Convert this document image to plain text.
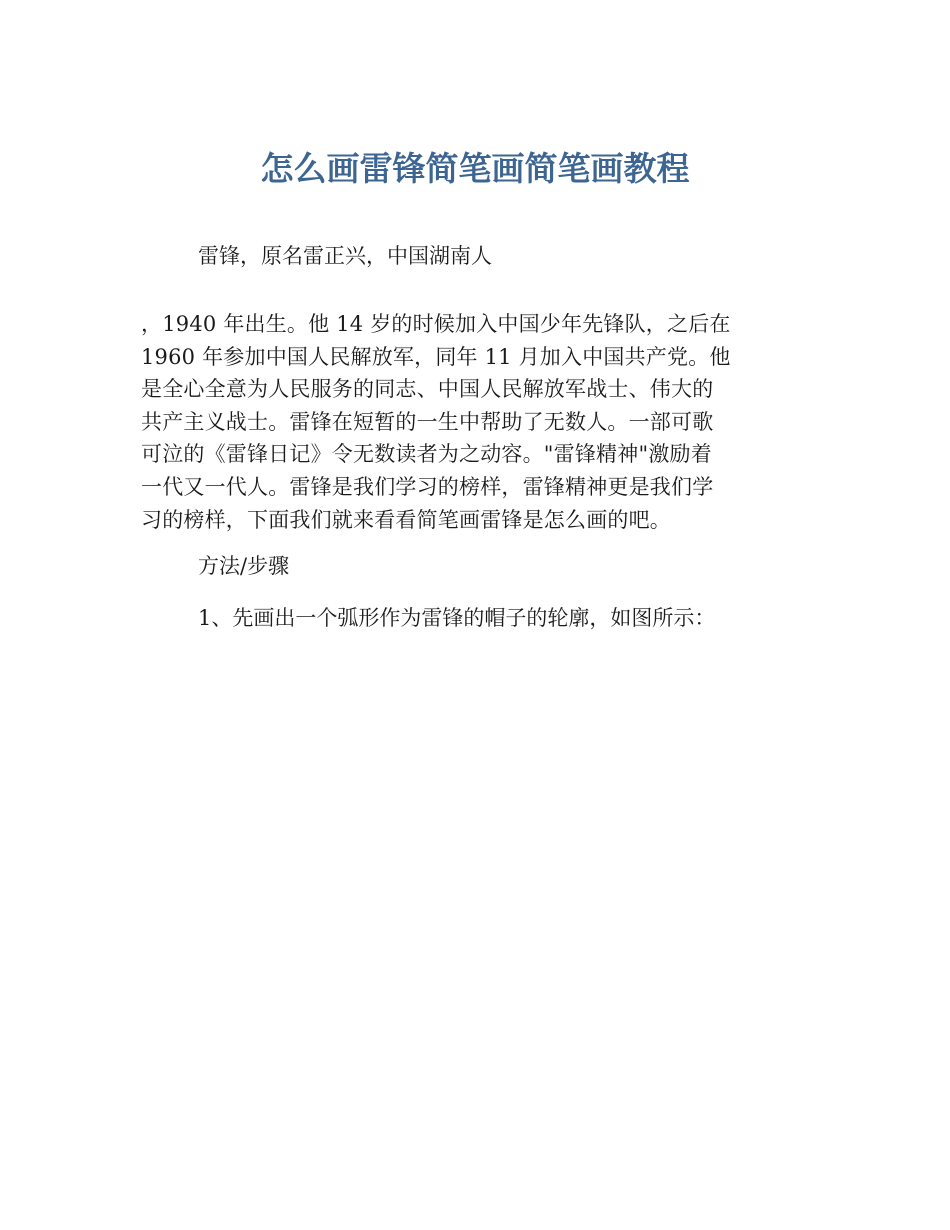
怎么画雷锋简笔画简笔画教程

雷锋，原名雷正兴，中国湖南人

，1940 年出生。他 14 岁的时候加入中国少年先锋队，之后在
1960 年参加中国人民解放军，同年 11 月加入中国共产党。他
是全心全意为人民服务的同志、中国人民解放军战士、伟大的
共产主义战士。雷锋在短暂的一生中帮助了无数人。一部可歌
可泣的《雷锋日记》令无数读者为之动容。"雷锋精神"激励着
一代又一代人。雷锋是我们学习的榜样，雷锋精神更是我们学
习的榜样，下面我们就来看看简笔画雷锋是怎么画的吧。

方法/步骤

1、先画出一个弧形作为雷锋的帽子的轮廓，如图所示：
